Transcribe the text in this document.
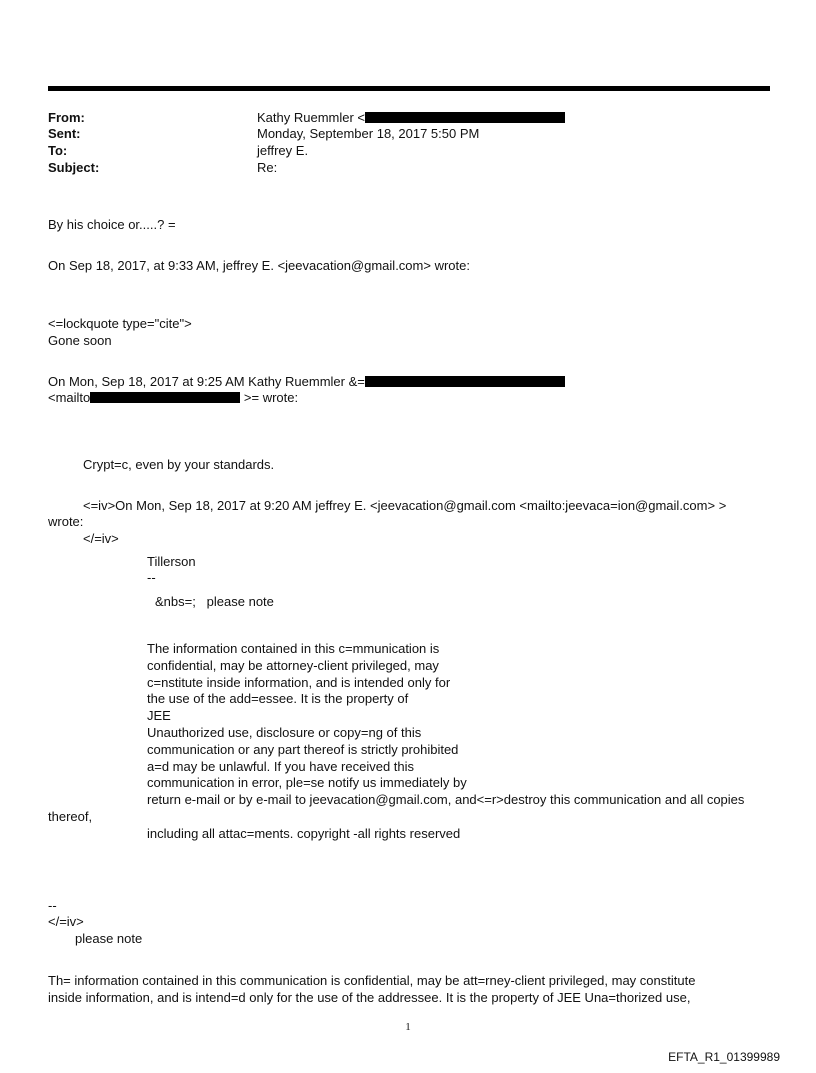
From:	Kathy Ruemmler <
Sent:	Monday, September 18, 2017 5:50 PM
To:	jeffrey E.
Subject:	Re:
By his choice or.....? =
On Sep 18, 2017, at 9:33 AM, jeffrey E. <jeevacation@gmail.com> wrote:
<=lockquote type="cite">
Gone soon
On Mon, Sep 18, 2017 at 9:25 AM Kathy Ruemmler &=
<mailto	>= wrote:
Crypt=c, even by your standards.
<=iv>On Mon, Sep 18, 2017 at 9:20 AM jeffrey E. <jeevacation@gmail.com <mailto:jeevaca=ion@gmail.com> >
wrote:
</=iv>
Tillerson
--
&nbs=;   please note
The information contained in this c=mmunication is
confidential, may be attorney-client privileged, may
c=nstitute inside information, and is intended only for
the use of the add=essee. It is the property of
JEE
Unauthorized use, disclosure or copy=ng of this
communication or any part thereof is strictly prohibited
a=d may be unlawful. If you have received this
communication in error, ple=se notify us immediately by
return e-mail or by e-mail to jeevacation@gmail.com, and<=r>destroy this communication and all copies
thereof,
including all attac=ments. copyright -all rights reserved
--
</=iv>
please note
Th= information contained in this communication is confidential, may be att=rney-client privileged, may constitute
inside information, and is intend=d only for the use of the addressee. It is the property of JEE Una=thorized use,
1
EFTA_R1_01399989
